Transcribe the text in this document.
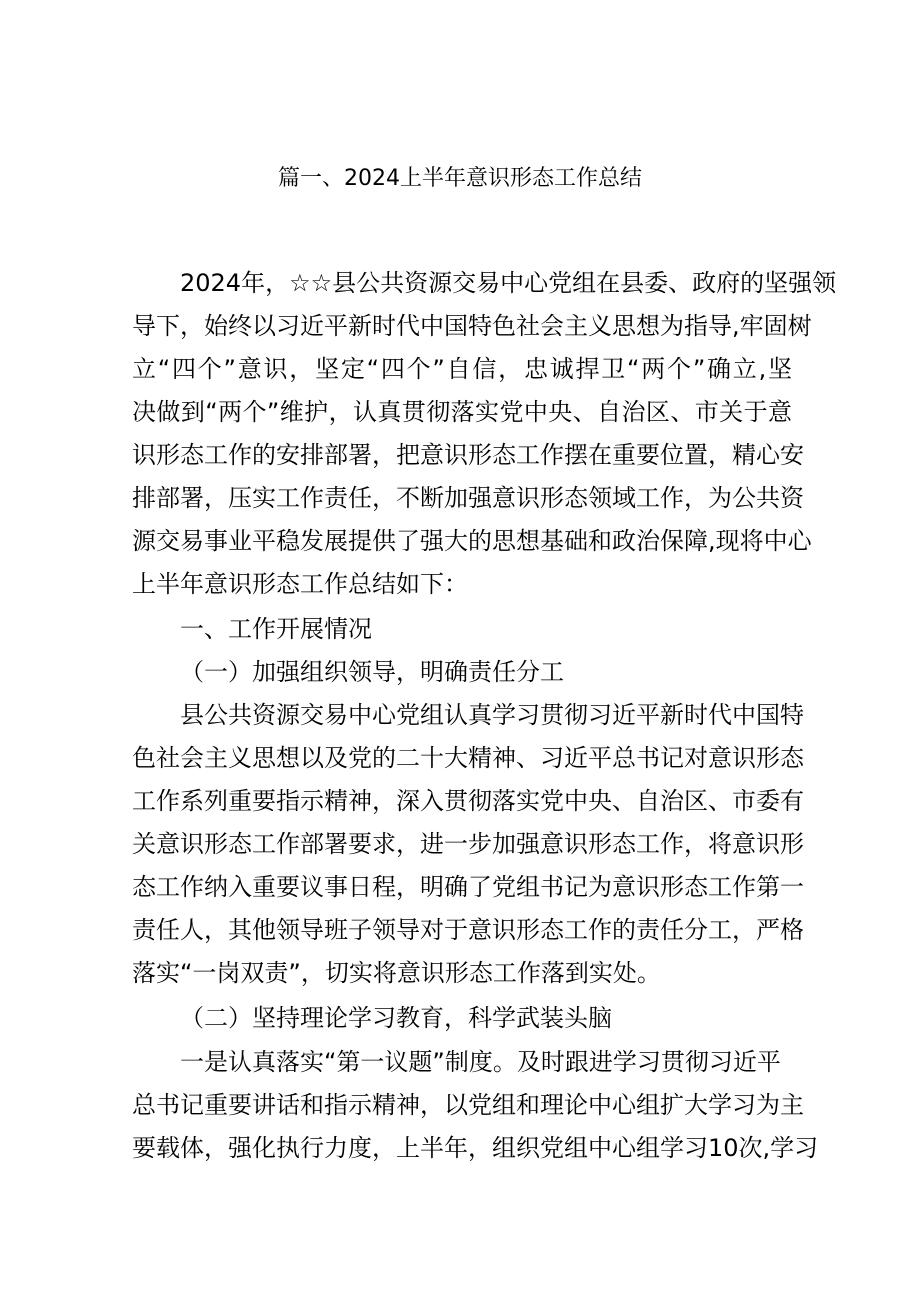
篇一、2024上半年意识形态工作总结
2024年，☆☆县公共资源交易中心党组在县委、政府的坚强领
导下，始终以习近平新时代中国特色社会主义思想为指导,牢固树
立“四个”意识，坚定“四个”自信，忠诚捍卫“两个”确立,坚
决做到“两个”维护，认真贯彻落实党中央、自治区、市关于意
识形态工作的安排部署，把意识形态工作摆在重要位置，精心安
排部署，压实工作责任，不断加强意识形态领域工作，为公共资
源交易事业平稳发展提供了强大的思想基础和政治保障,现将中心
上半年意识形态工作总结如下：
一、工作开展情况
（一）加强组织领导，明确责任分工
县公共资源交易中心党组认真学习贯彻习近平新时代中国特
色社会主义思想以及党的二十大精神、习近平总书记对意识形态
工作系列重要指示精神，深入贯彻落实党中央、自治区、市委有
关意识形态工作部署要求，进一步加强意识形态工作，将意识形
态工作纳入重要议事日程，明确了党组书记为意识形态工作第一
责任人，其他领导班子领导对于意识形态工作的责任分工，严格
落实“一岗双责”，切实将意识形态工作落到实处。
（二）坚持理论学习教育，科学武装头脑
一是认真落实“第一议题”制度。及时跟进学习贯彻习近平
总书记重要讲话和指示精神，以党组和理论中心组扩大学习为主
要载体，强化执行力度，上半年，组织党组中心组学习10次,学习
